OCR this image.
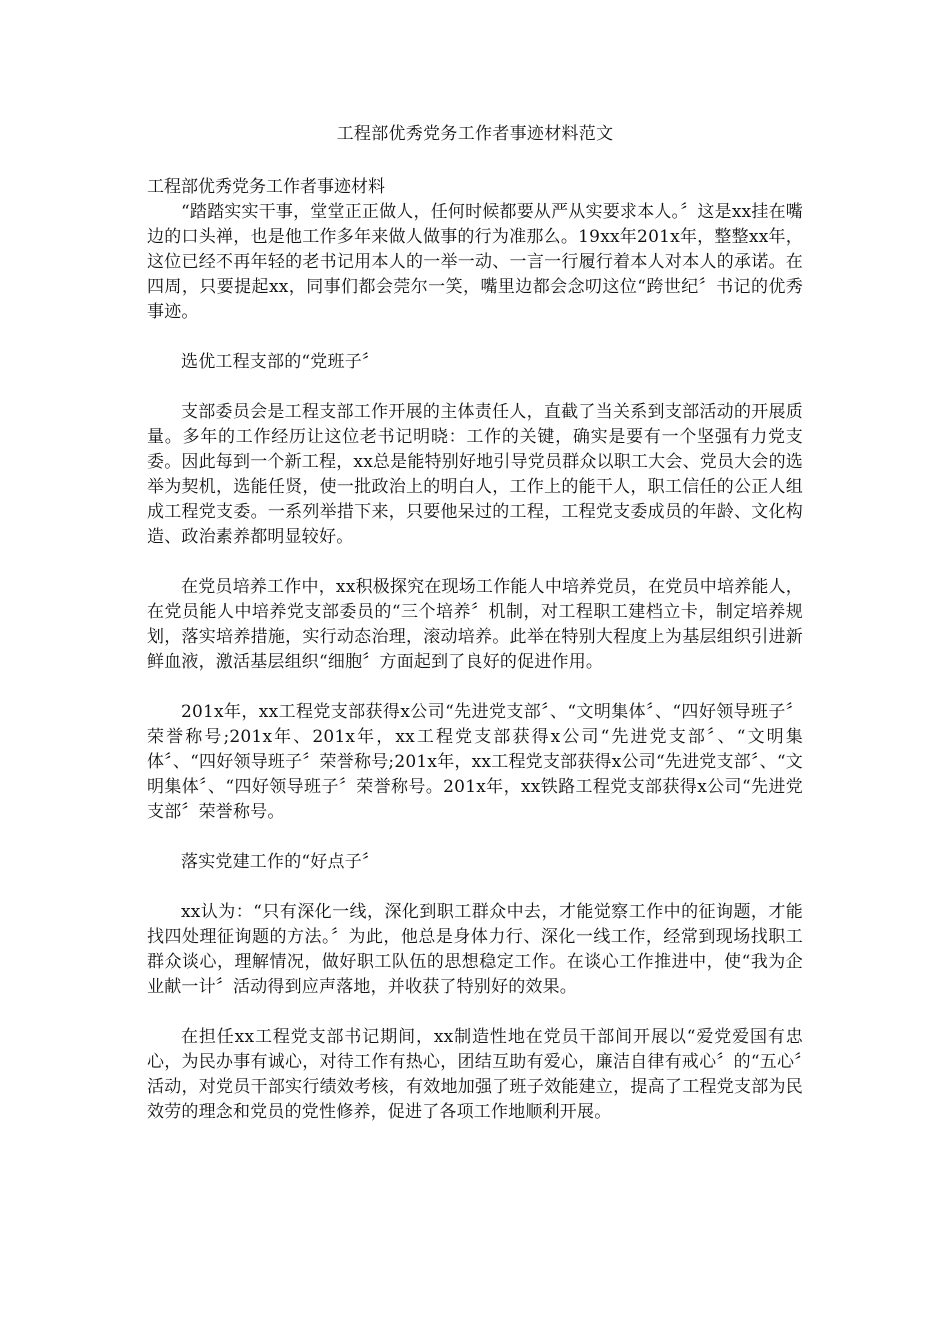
工程部优秀党务工作者事迹材料范文
工程部优秀党务工作者事迹材料

“踏踏实实干事，堂堂正正做人，任何时候都要从严从实要求本人。〞这是xx挂在嘴边的口头禅，也是他工作多年来做人做事的行为准那么。19xx年201x年，整整xx年，这位已经不再年轻的老书记用本人的一举一动、一言一行履行着本人对本人的承诺。在四周，只要提起xx，同事们都会莞尔一笑，嘴里边都会念叨这位“跨世纪〞书记的优秀事迹。

选优工程支部的“党班子〞

支部委员会是工程支部工作开展的主体责任人，直截了当关系到支部活动的开展质量。多年的工作经历让这位老书记明晓：工作的关键，确实是要有一个坚强有力党支委。因此每到一个新工程，xx总是能特别好地引导党员群众以职工大会、党员大会的选举为契机，选能任贤，使一批政治上的明白人，工作上的能干人，职工信任的公正人组成工程党支委。一系列举措下来，只要他呆过的工程，工程党支委成员的年龄、文化构造、政治素养都明显较好。

在党员培养工作中，xx积极探究在现场工作能人中培养党员，在党员中培养能人，在党员能人中培养党支部委员的“三个培养〞机制，对工程职工建档立卡，制定培养规划，落实培养措施，实行动态治理，滚动培养。此举在特别大程度上为基层组织引进新鲜血液，激活基层组织“细胞〞方面起到了良好的促进作用。

201x年，xx工程党支部获得x公司“先进党支部〞、“文明集体〞、“四好领导班子〞荣誉称号;201x年、201x年，xx工程党支部获得x公司“先进党支部〞、“文明集体〞、“四好领导班子〞荣誉称号;201x年，xx工程党支部获得x公司“先进党支部〞、“文明集体〞、“四好领导班子〞荣誉称号。201x年，xx铁路工程党支部获得x公司“先进党支部〞荣誉称号。

落实党建工作的“好点子〞

xx认为：“只有深化一线，深化到职工群众中去，才能觉察工作中的征询题，才能找四处理征询题的方法。〞为此，他总是身体力行、深化一线工作，经常到现场找职工群众谈心，理解情况，做好职工队伍的思想稳定工作。在谈心工作推进中，使“我为企业献一计〞活动得到应声落地，并收获了特别好的效果。

在担任xx工程党支部书记期间，xx制造性地在党员干部间开展以“爱党爱国有忠心，为民办事有诚心，对待工作有热心，团结互助有爱心，廉洁自律有戒心〞的“五心〞活动，对党员干部实行绩效考核，有效地加强了班子效能建立，提高了工程党支部为民效劳的理念和党员的党性修养，促进了各项工作地顺利开展。
